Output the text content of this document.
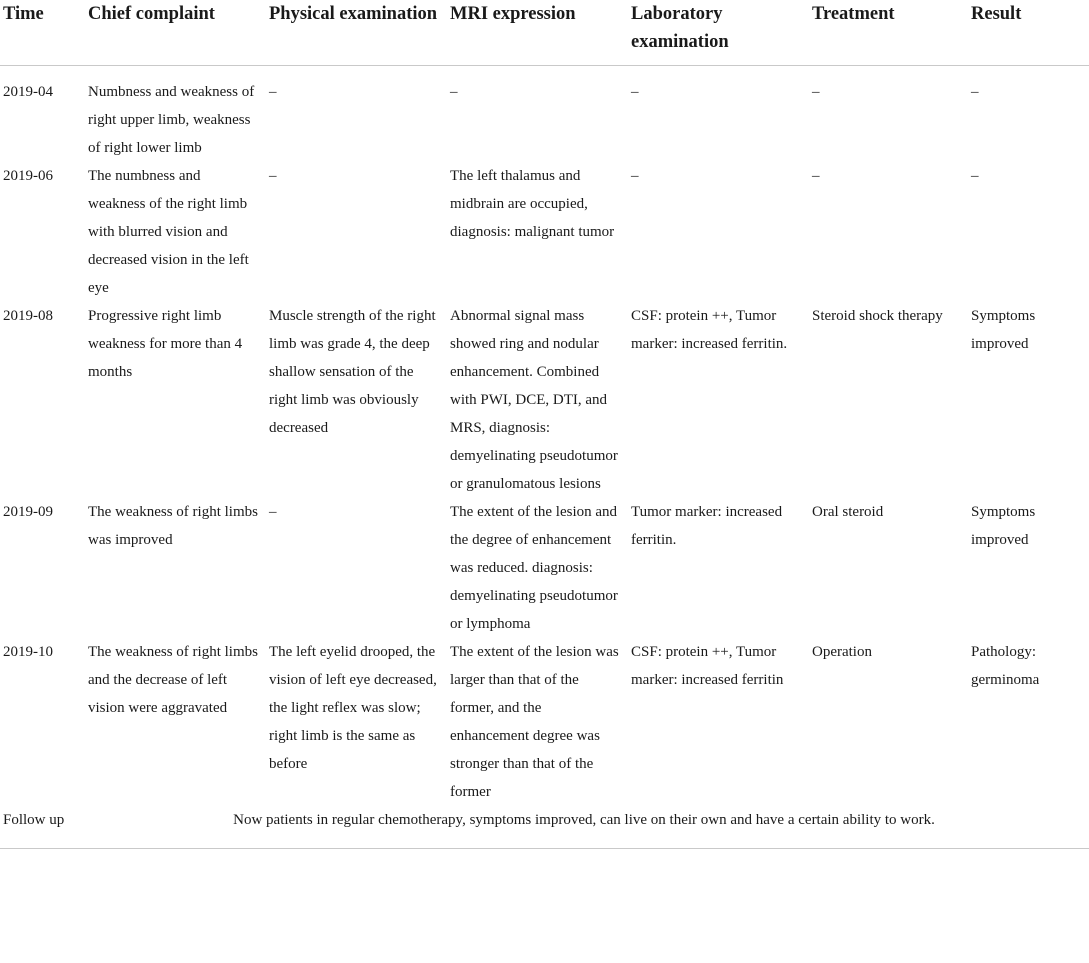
Time	Chief complaint	Physical examination	MRI expression	Laboratory examination	Treatment	Result
2019-04	Numbness and weakness of right upper limb, weakness of right lower limb	–	–	–	–	–
2019-06	The numbness and weakness of the right limb with blurred vision and decreased vision in the left eye	–	The left thalamus and midbrain are occupied, diagnosis: malignant tumor	–	–	–
2019-08	Progressive right limb weakness for more than 4 months	Muscle strength of the right limb was grade 4, the deep shallow sensation of the right limb was obviously decreased	Abnormal signal mass showed ring and nodular enhancement. Combined with PWI, DCE, DTI, and MRS, diagnosis: demyelinating pseudotumor or granulomatous lesions	CSF: protein ++, Tumor marker: increased ferritin.	Steroid shock therapy	Symptoms improved
2019-09	The weakness of right limbs was improved	–	The extent of the lesion and the degree of enhancement was reduced. diagnosis: demyelinating pseudotumor or lymphoma	Tumor marker: increased ferritin.	Oral steroid	Symptoms improved
2019-10	The weakness of right limbs and the decrease of left vision were aggravated	The left eyelid drooped, the vision of left eye decreased, the light reflex was slow; right limb is the same as before	The extent of the lesion was larger than that of the former, and the enhancement degree was stronger than that of the former	CSF: protein ++, Tumor marker: increased ferritin	Operation	Pathology: germinoma
Follow up	Now patients in regular chemotherapy, symptoms improved, can live on their own and have a certain ability to work.					
